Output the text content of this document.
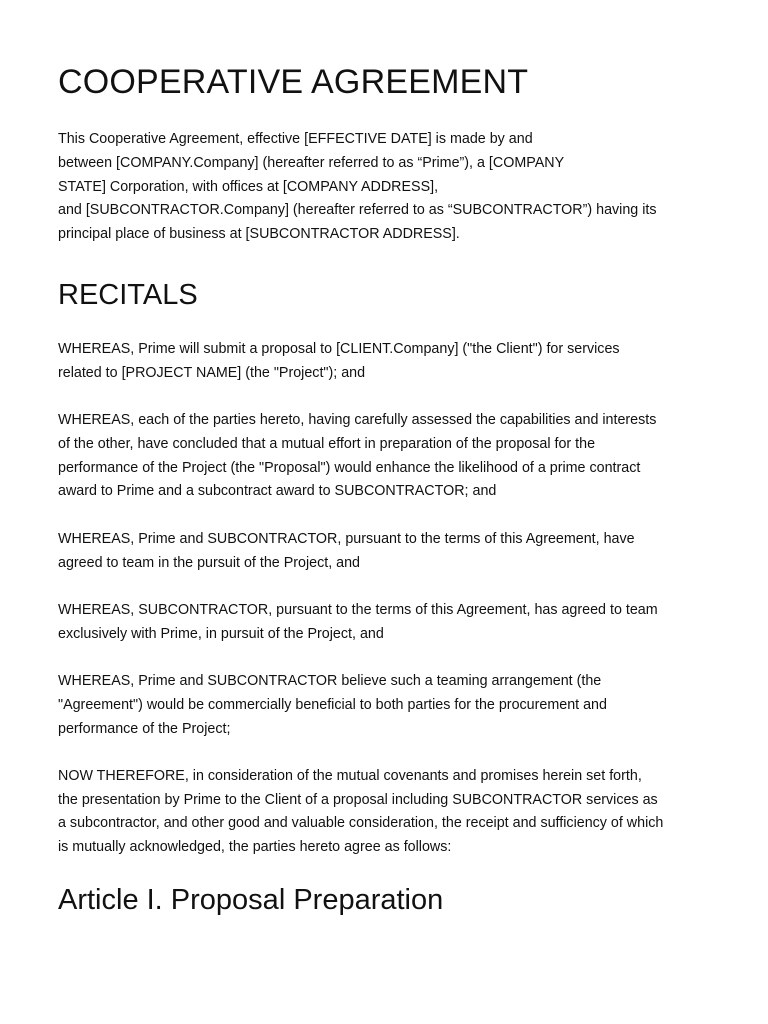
COOPERATIVE AGREEMENT

This Cooperative Agreement, effective [EFFECTIVE DATE] is made by and
between [COMPANY.Company] (hereafter referred to as “Prime”), a [COMPANY
STATE] Corporation, with offices at [COMPANY ADDRESS],
and [SUBCONTRACTOR.Company] (hereafter referred to as “SUBCONTRACTOR”) having its
principal place of business at [SUBCONTRACTOR ADDRESS].

RECITALS

WHEREAS, Prime will submit a proposal to [CLIENT.Company] ("the Client") for services
related to [PROJECT NAME] (the "Project"); and

WHEREAS, each of the parties hereto, having carefully assessed the capabilities and interests
of the other, have concluded that a mutual effort in preparation of the proposal for the
performance of the Project (the "Proposal") would enhance the likelihood of a prime contract
award to Prime and a subcontract award to SUBCONTRACTOR; and

WHEREAS, Prime and SUBCONTRACTOR, pursuant to the terms of this Agreement, have
agreed to team in the pursuit of the Project, and

WHEREAS, SUBCONTRACTOR, pursuant to the terms of this Agreement, has agreed to team
exclusively with Prime, in pursuit of the Project, and

WHEREAS, Prime and SUBCONTRACTOR believe such a teaming arrangement (the
"Agreement") would be commercially beneficial to both parties for the procurement and
performance of the Project;

NOW THEREFORE, in consideration of the mutual covenants and promises herein set forth,
the presentation by Prime to the Client of a proposal including SUBCONTRACTOR services as
a subcontractor, and other good and valuable consideration, the receipt and sufficiency of which
is mutually acknowledged, the parties hereto agree as follows:

Article I. Proposal Preparation
